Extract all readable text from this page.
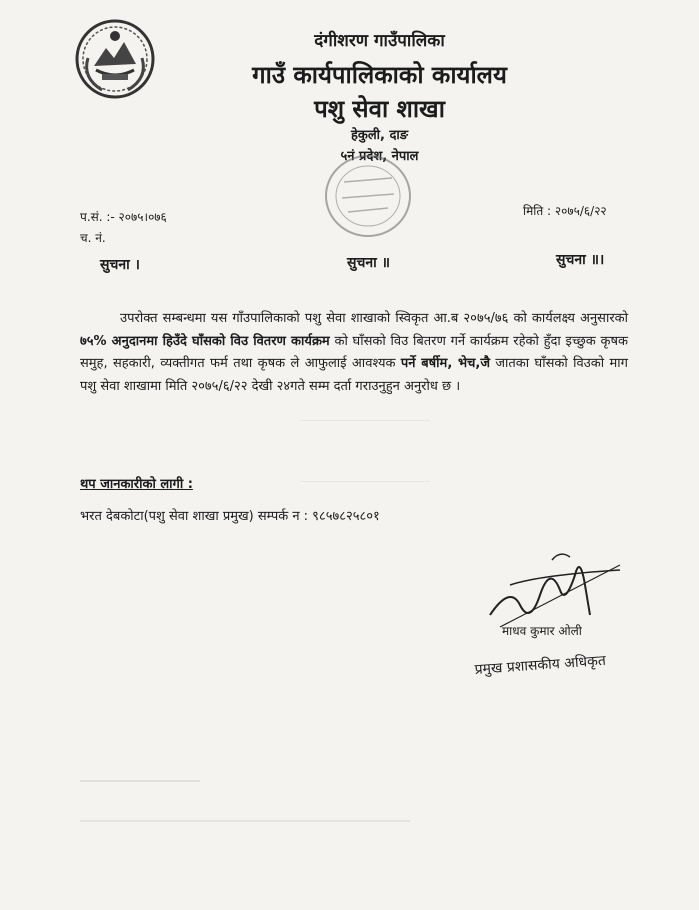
दंगीशरण गाउँपालिका
गाउँ कार्यपालिकाको कार्यालय
पशु सेवा शाखा
हेकुली, दाङ
५नं प्रदेश, नेपाल
प.सं. :- २०७५।०७६
च. नं.
मिति : २०७५/६/२२
सुचना ।	सुचना ॥	सुचना ॥।
उपरोक्त सम्बन्धमा यस गाँउपालिकाको पशु सेवा शाखाको स्विकृत आ.ब २०७५/७६ को कार्यलक्ष्य अनुसारको ७५% अनुदानमा हिउँदे घाँसको विउ वितरण कार्यक्रम को घाँसको विउ बितरण गर्ने कार्यक्रम रहेको हुँदा इच्छुक कृषक समुह, सहकारी, व्यक्तीगत फर्म तथा कृषक ले आफुलाई आवश्यक पर्ने बर्षीम, भेच,जै जातका घाँसको विउको माग पशु सेवा शाखामा मिति २०७५/६/२२ देखी २४गते सम्म दर्ता गराउनुहुन अनुरोध छ ।
थप जानकारीको लागी :
भरत देबकोटा(पशु सेवा शाखा प्रमुख) सम्पर्क न : ९८५७८२५८०१
माधव कुमार ओली
प्रमुख प्रशासकीय अधिकृत
